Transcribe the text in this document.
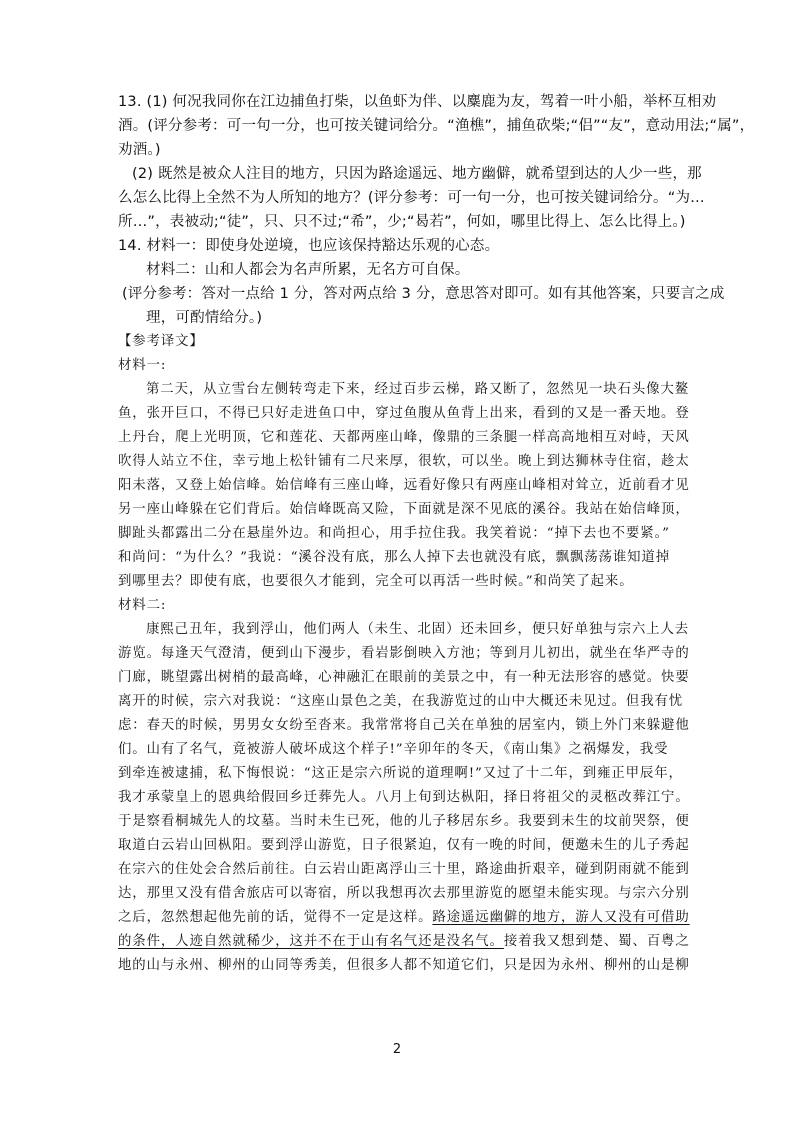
13. (1) 何况我同你在江边捕鱼打柴，以鱼虾为伴、以麋鹿为友，驾着一叶小船，举杯互相劝
酒。(评分参考：可一句一分，也可按关键词给分。“渔樵”，捕鱼砍柴;“侣”“友”，意动用法;“属”，
劝酒。)
(2) 既然是被众人注目的地方，只因为路途遥远、地方幽僻，就希望到达的人少一些，那
么怎么比得上全然不为人所知的地方？(评分参考：可一句一分，也可按关键词给分。“为…
所…”，表被动;“徒”，只、只不过;“希”，少;“曷若”，何如，哪里比得上、怎么比得上。)
14. 材料一：即使身处逆境，也应该保持豁达乐观的心态。
材料二：山和人都会为名声所累，无名方可自保。
(评分参考：答对一点给 1 分，答对两点给 3 分，意思答对即可。如有其他答案，只要言之成
理，可酌情给分。)
【参考译文】
材料一:
第二天，从立雪台左侧转弯走下来，经过百步云梯，路又断了，忽然见一块石头像大鳌
鱼，张开巨口，不得已只好走进鱼口中，穿过鱼腹从鱼背上出来，看到的又是一番天地。登
上丹台，爬上光明顶，它和莲花、天都两座山峰，像鼎的三条腿一样高高地相互对峙，天风
吹得人站立不住，幸亏地上松针铺有二尺来厚，很软，可以坐。晚上到达狮林寺住宿，趁太
阳未落，又登上始信峰。始信峰有三座山峰，远看好像只有两座山峰相对耸立，近前看才见
另一座山峰躲在它们背后。始信峰既高又险，下面就是深不见底的溪谷。我站在始信峰顶，
脚趾头都露出二分在悬崖外边。和尚担心，用手拉住我。我笑着说：“掉下去也不要紧。”
和尚问：“为什么？”我说：“溪谷没有底，那么人掉下去也就没有底，飘飘荡荡谁知道掉
到哪里去？即使有底，也要很久才能到，完全可以再活一些时候。”和尚笑了起来。
材料二:
康熙己丑年，我到浮山，他们两人（未生、北固）还未回乡，便只好单独与宗六上人去
游览。每逢天气澄清，便到山下漫步，看岩影倒映入方池；等到月儿初出，就坐在华严寺的
门廊，眺望露出树梢的最高峰，心神融汇在眼前的美景之中，有一种无法形容的感觉。快要
离开的时候，宗六对我说：“这座山景色之美，在我游览过的山中大概还未见过。但我有忧
虑：春天的时候，男男女女纷至沓来。我常常将自己关在单独的居室内，锁上外门来躲避他
们。山有了名气，竟被游人破坏成这个样子!”辛卯年的冬天，《南山集》之祸爆发，我受
到牵连被逮捕，私下悔恨说：“这正是宗六所说的道理啊!”又过了十二年，到雍正甲辰年，
我才承蒙皇上的恩典给假回乡迁葬先人。八月上旬到达枞阳，择日将祖父的灵柩改葬江宁。
于是察看桐城先人的坟墓。当时未生已死，他的儿子移居东乡。我要到未生的坟前哭祭，便
取道白云岩山回枞阳。要到浮山游览，日子很紧迫，仅有一晚的时间，便邀未生的儿子秀起
在宗六的住处会合然后前往。白云岩山距离浮山三十里，路途曲折艰辛，碰到阴雨就不能到
达，那里又没有借舍旅店可以寄宿，所以我想再次去那里游览的愿望未能实现。与宗六分别
之后，忽然想起他先前的话，觉得不一定是这样。路途遥远幽僻的地方，游人又没有可借助
的条件，人迹自然就稀少，这并不在于山有名气还是没名气。接着我又想到楚、蜀、百粤之
地的山与永州、柳州的山同等秀美，但很多人都不知道它们，只是因为永州、柳州的山是柳
2
